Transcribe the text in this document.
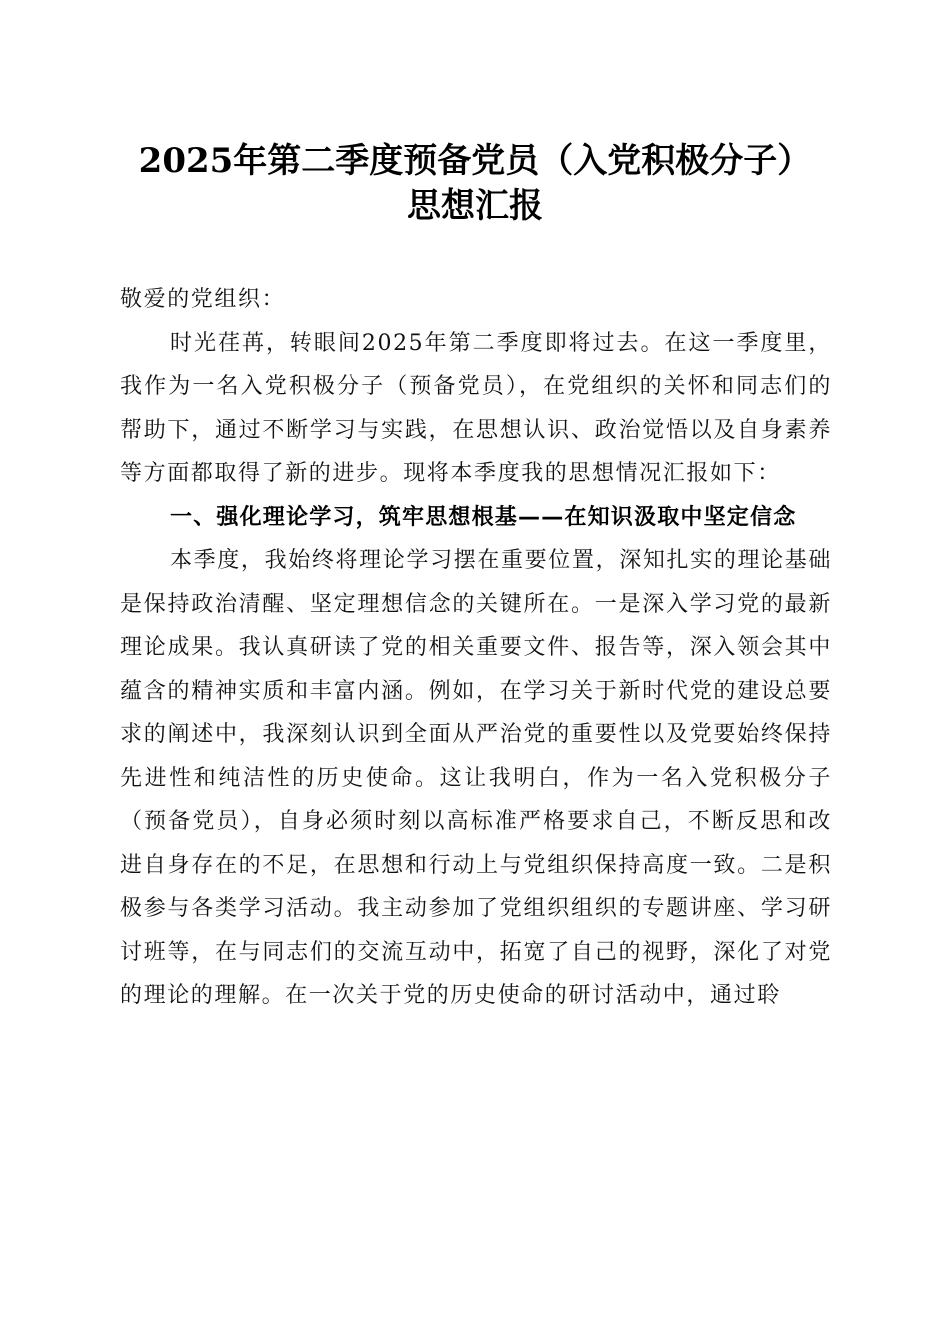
2025年第二季度预备党员（入党积极分子）
思想汇报

敬爱的党组织：

时光荏苒，转眼间2025年第二季度即将过去。在这一季度里，我作为一名入党积极分子（预备党员），在党组织的关怀和同志们的帮助下，通过不断学习与实践，在思想认识、政治觉悟以及自身素养等方面都取得了新的进步。现将本季度我的思想情况汇报如下：

一、强化理论学习，筑牢思想根基——在知识汲取中坚定信念

本季度，我始终将理论学习摆在重要位置，深知扎实的理论基础是保持政治清醒、坚定理想信念的关键所在。一是深入学习党的最新理论成果。我认真研读了党的相关重要文件、报告等，深入领会其中蕴含的精神实质和丰富内涵。例如，在学习关于新时代党的建设总要求的阐述中，我深刻认识到全面从严治党的重要性以及党要始终保持先进性和纯洁性的历史使命。这让我明白，作为一名入党积极分子（预备党员），自身必须时刻以高标准严格要求自己，不断反思和改进自身存在的不足，在思想和行动上与党组织保持高度一致。二是积极参与各类学习活动。我主动参加了党组织组织的专题讲座、学习研讨班等，在与同志们的交流互动中，拓宽了自己的视野，深化了对党的理论的理解。在一次关于党的历史使命的研讨活动中，通过聆
